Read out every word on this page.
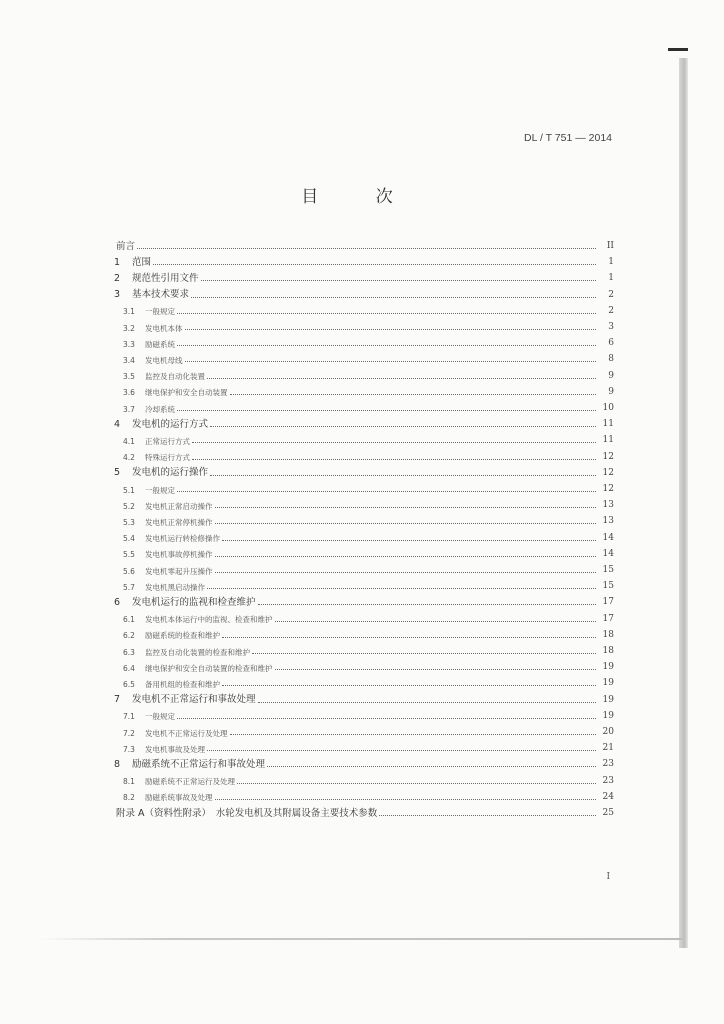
DL / T 751 — 2014
目 次
前言	II
1	范围	1
2	规范性引用文件	1
3	基本技术要求	2
3.1	一般规定	2
3.2	发电机本体	3
3.3	励磁系统	6
3.4	发电机母线	8
3.5	监控及自动化装置	9
3.6	继电保护和安全自动装置	9
3.7	冷却系统	10
4	发电机的运行方式	11
4.1	正常运行方式	11
4.2	特殊运行方式	12
5	发电机的运行操作	12
5.1	一般规定	12
5.2	发电机正常启动操作	13
5.3	发电机正常停机操作	13
5.4	发电机运行转检修操作	14
5.5	发电机事故停机操作	14
5.6	发电机零起升压操作	15
5.7	发电机黑启动操作	15
6	发电机运行的监视和检查维护	17
6.1	发电机本体运行中的监视、检查和维护	17
6.2	励磁系统的检查和维护	18
6.3	监控及自动化装置的检查和维护	18
6.4	继电保护和安全自动装置的检查和维护	19
6.5	备用机组的检查和维护	19
7	发电机不正常运行和事故处理	19
7.1	一般规定	19
7.2	发电机不正常运行及处理	20
7.3	发电机事故及处理	21
8	励磁系统不正常运行和事故处理	23
8.1	励磁系统不正常运行及处理	23
8.2	励磁系统事故及处理	24
附录 A（资料性附录）　水轮发电机及其附属设备主要技术参数	25
I
